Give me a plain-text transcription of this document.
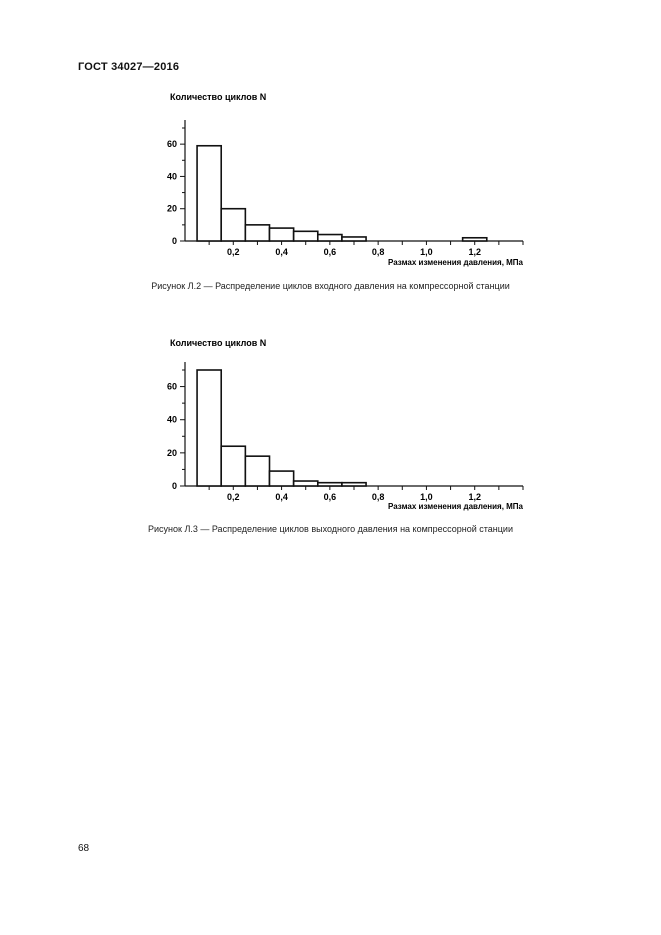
ГОСТ 34027—2016
Количество циклов N
0
20
40
60
0,2	0,4	0,6	0,8	1,0	1,2
Размах изменения давления, МПа
Рисунок Л.2 — Распределение циклов входного давления на компрессорной станции
Количество циклов N
0
20
40
60
0,2	0,4	0,6	0,8	1,0	1,2
Размах изменения давления, МПа
Рисунок Л.3 — Распределение циклов выходного давления на компрессорной станции
68
